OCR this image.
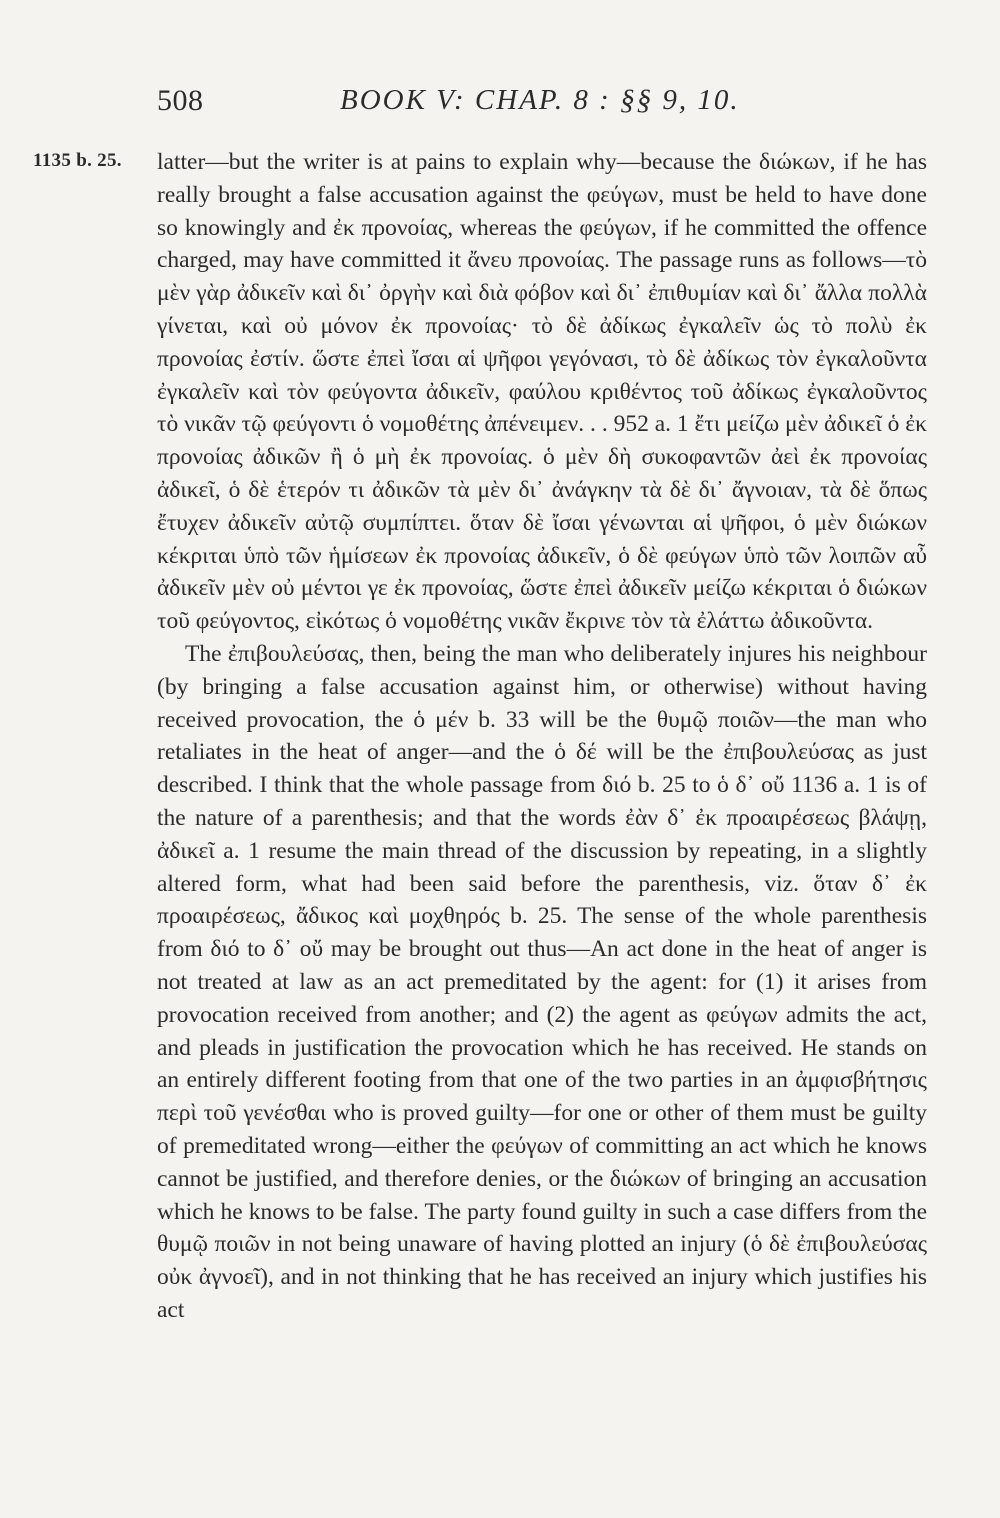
508	BOOK V: CHAP. 8 : §§ 9, 10.
1135 b. 25. latter—but the writer is at pains to explain why—because the διώκων, if he has really brought a false accusation against the φεύγων, must be held to have done so knowingly and ἐκ προνοίας, whereas the φεύγων, if he committed the offence charged, may have committed it ἄνευ προνοίας. The passage runs as follows—τὸ μὲν γὰρ ἀδικεῖν καὶ δι᾽ ὀργὴν καὶ διὰ φόβον καὶ δι᾽ ἐπιθυμίαν καὶ δι᾽ ἄλλα πολλὰ γίνεται, καὶ οὐ μόνον ἐκ προνοίας· τὸ δὲ ἀδίκως ἐγκαλεῖν ὡς τὸ πολὺ ἐκ προνοίας ἐστίν. ὥστε ἐπεὶ ἴσαι αἱ ψῆφοι γεγόνασι, τὸ δὲ ἀδίκως τὸν ἐγκαλοῦντα ἐγκαλεῖν καὶ τὸν φεύγοντα ἀδικεῖν, φαύλου κριθέντος τοῦ ἀδίκως ἐγκαλοῦντος τὸ νικᾶν τῷ φεύγοντι ὁ νομοθέτης ἀπένειμεν. . . 952 a. 1 ἔτι μείζω μὲν ἀδικεῖ ὁ ἐκ προνοίας ἀδικῶν ἢ ὁ μὴ ἐκ προνοίας. ὁ μὲν δὴ συκοφαντῶν ἀεὶ ἐκ προνοίας ἀδικεῖ, ὁ δὲ ἑτερόν τι ἀδικῶν τὰ μὲν δι᾽ ἀνάγκην τὰ δὲ δι᾽ ἄγνοιαν, τὰ δὲ ὅπως ἔτυχεν ἀδικεῖν αὐτῷ συμπίπτει. ὅταν δὲ ἴσαι γένωνται αἱ ψῆφοι, ὁ μὲν διώκων κέκριται ὑπὸ τῶν ἡμίσεων ἐκ προνοίας ἀδικεῖν, ὁ δὲ φεύγων ὑπὸ τῶν λοιπῶν αὖ ἀδικεῖν μὲν οὐ μέντοι γε ἐκ προνοίας, ὥστε ἐπεὶ ἀδικεῖν μείζω κέκριται ὁ διώκων τοῦ φεύγοντος, εἰκότως ὁ νομοθέτης νικᾶν ἔκρινε τὸν τὰ ἐλάττω ἀδικοῦντα.

The ἐπιβουλεύσας, then, being the man who deliberately injures his neighbour (by bringing a false accusation against him, or otherwise) without having received provocation, the ὁ μέν b. 33 will be the θυμῷ ποιῶν—the man who retaliates in the heat of anger—and the ὁ δέ will be the ἐπιβουλεύσας as just described. I think that the whole passage from διό b. 25 to ὁ δ᾽ οὔ 1136 a. 1 is of the nature of a parenthesis; and that the words ἐὰν δ᾽ ἐκ προαιρέσεως βλάψῃ, ἀδικεῖ a. 1 resume the main thread of the discussion by repeating, in a slightly altered form, what had been said before the parenthesis, viz. ὅταν δ᾽ ἐκ προαιρέσεως, ἄδικος καὶ μοχθηρός b. 25. The sense of the whole parenthesis from διό to δ᾽ οὔ may be brought out thus—An act done in the heat of anger is not treated at law as an act premeditated by the agent: for (1) it arises from provocation received from another; and (2) the agent as φεύγων admits the act, and pleads in justification the provocation which he has received. He stands on an entirely different footing from that one of the two parties in an ἀμφισβήτησις περὶ τοῦ γενέσθαι who is proved guilty—for one or other of them must be guilty of premeditated wrong—either the φεύγων of committing an act which he knows cannot be justified, and therefore denies, or the διώκων of bringing an accusation which he knows to be false. The party found guilty in such a case differs from the θυμῷ ποιῶν in not being unaware of having plotted an injury (ὁ δὲ ἐπιβουλεύσας οὐκ ἀγνοεῖ), and in not thinking that he has received an injury which justifies his act
